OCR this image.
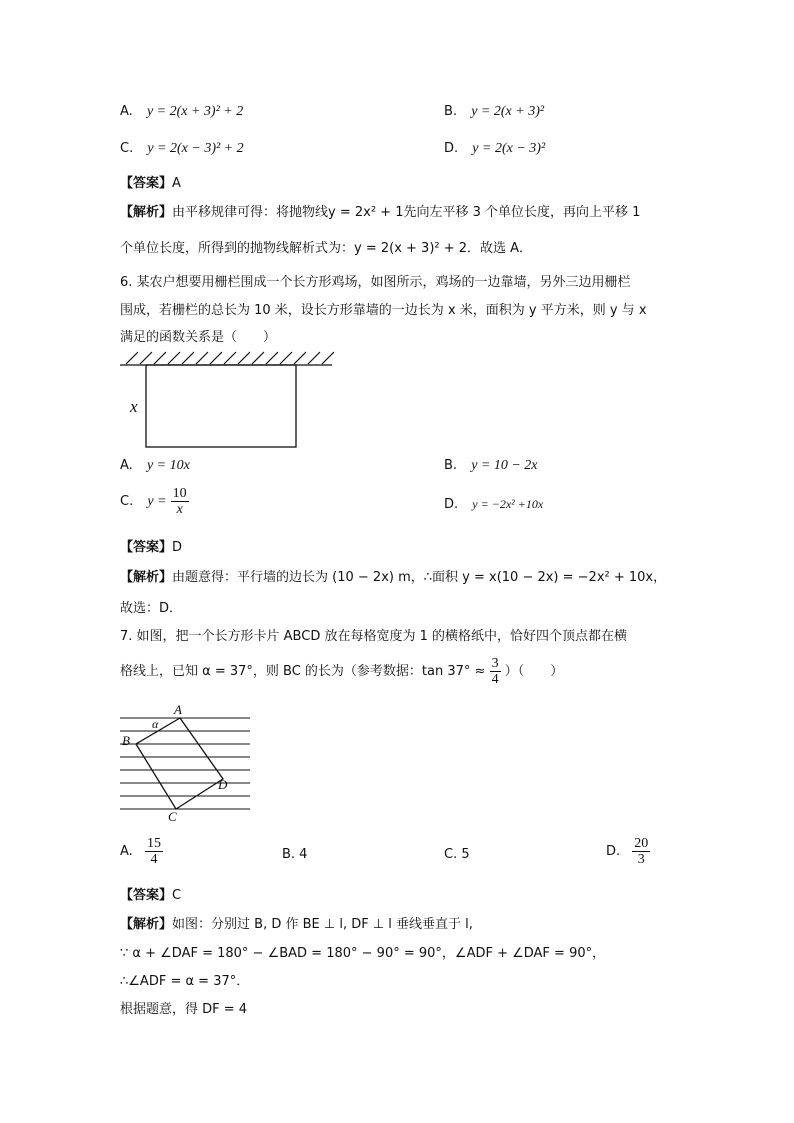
A. y = 2(x + 3)² + 2	B. y = 2(x + 3)²
C. y = 2(x − 3)² + 2	D. y = 2(x − 3)²
【答案】A
【解析】由平移规律可得：将抛物线y = 2x² + 1先向左平移 3 个单位长度，再向上平移 1
个单位长度，所得到的抛物线解析式为：y = 2(x + 3)² + 2．故选 A．
6. 某农户想要用栅栏围成一个长方形鸡场，如图所示，鸡场的一边靠墙，另外三边用栅栏
围成，若栅栏的总长为 10 米，设长方形靠墙的一边长为 x 米，面积为 y 平方米，则 y 与 x
满足的函数关系是（　　）
x
A. y = 10x	B. y = 10 − 2x
C. $y = \frac{10}{x}$	D. y = −2x² +10x
【答案】D
【解析】由题意得：平行墙的边长为 (10 − 2x) m，∴面积 y = x(10 − 2x) = −2x² + 10x，
故选：D．
7. 如图，把一个长方形卡片 ABCD 放在每格宽度为 1 的横格纸中，恰好四个顶点都在横
格线上，已知 α = 37°，则 BC 的长为（参考数据：$\tan 37^\circ \approx \frac{3}{4}$ ）（　　）
A
B
C
D
α
A. $\frac{15}{4}$	B. 4	C. 5	D. $\frac{20}{3}$
【答案】C
【解析】如图：分别过 B, D 作 BE ⊥ l, DF ⊥ l 垂线垂直于 l,
∵ α + ∠DAF = 180° − ∠BAD = 180° − 90° = 90°，∠ADF + ∠DAF = 90°，
∴∠ADF = α = 37°．
根据题意，得 DF = 4
